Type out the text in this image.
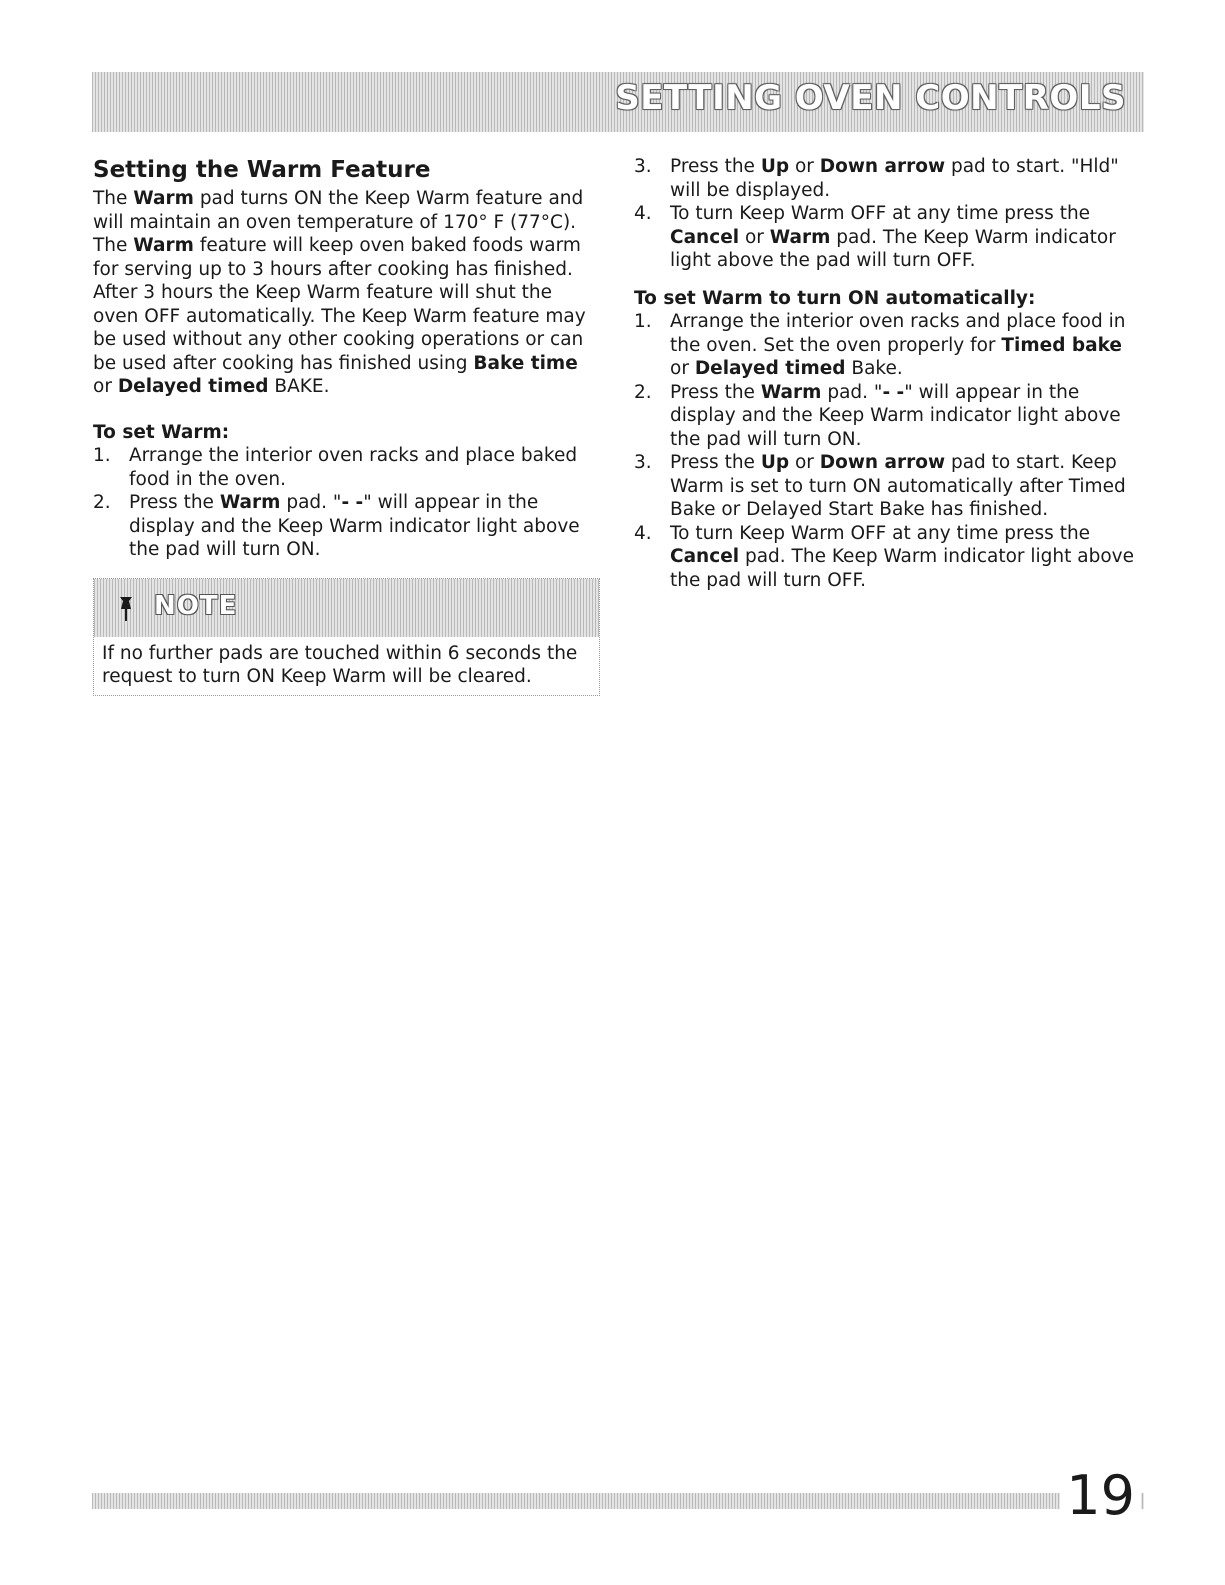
SETTING OVEN CONTROLS
Setting the Warm Feature

The Warm pad turns ON the Keep Warm feature and will maintain an oven temperature of 170° F (77°C). The Warm feature will keep oven baked foods warm for serving up to 3 hours after cooking has finished. After 3 hours the Keep Warm feature will shut the oven OFF automatically. The Keep Warm feature may be used without any other cooking operations or can be used after cooking has finished using Bake time or Delayed timed BAKE.

To set Warm:
1. Arrange the interior oven racks and place baked food in the oven.
2. Press the Warm pad. "- -" will appear in the display and the Keep Warm indicator light above the pad will turn ON.
NOTE
If no further pads are touched within 6 seconds the request to turn ON Keep Warm will be cleared.
3. Press the Up or Down arrow pad to start. "Hld" will be displayed.
4. To turn Keep Warm OFF at any time press the Cancel or Warm pad. The Keep Warm indicator light above the pad will turn OFF.
To set Warm to turn ON automatically:
1. Arrange the interior oven racks and place food in the oven. Set the oven properly for Timed bake or Delayed timed Bake.
2. Press the Warm pad. "- -" will appear in the display and the Keep Warm indicator light above the pad will turn ON.
3. Press the Up or Down arrow pad to start. Keep Warm is set to turn ON automatically after Timed Bake or Delayed Start Bake has finished.
4. To turn Keep Warm OFF at any time press the Cancel pad. The Keep Warm indicator light above the pad will turn OFF.
19
